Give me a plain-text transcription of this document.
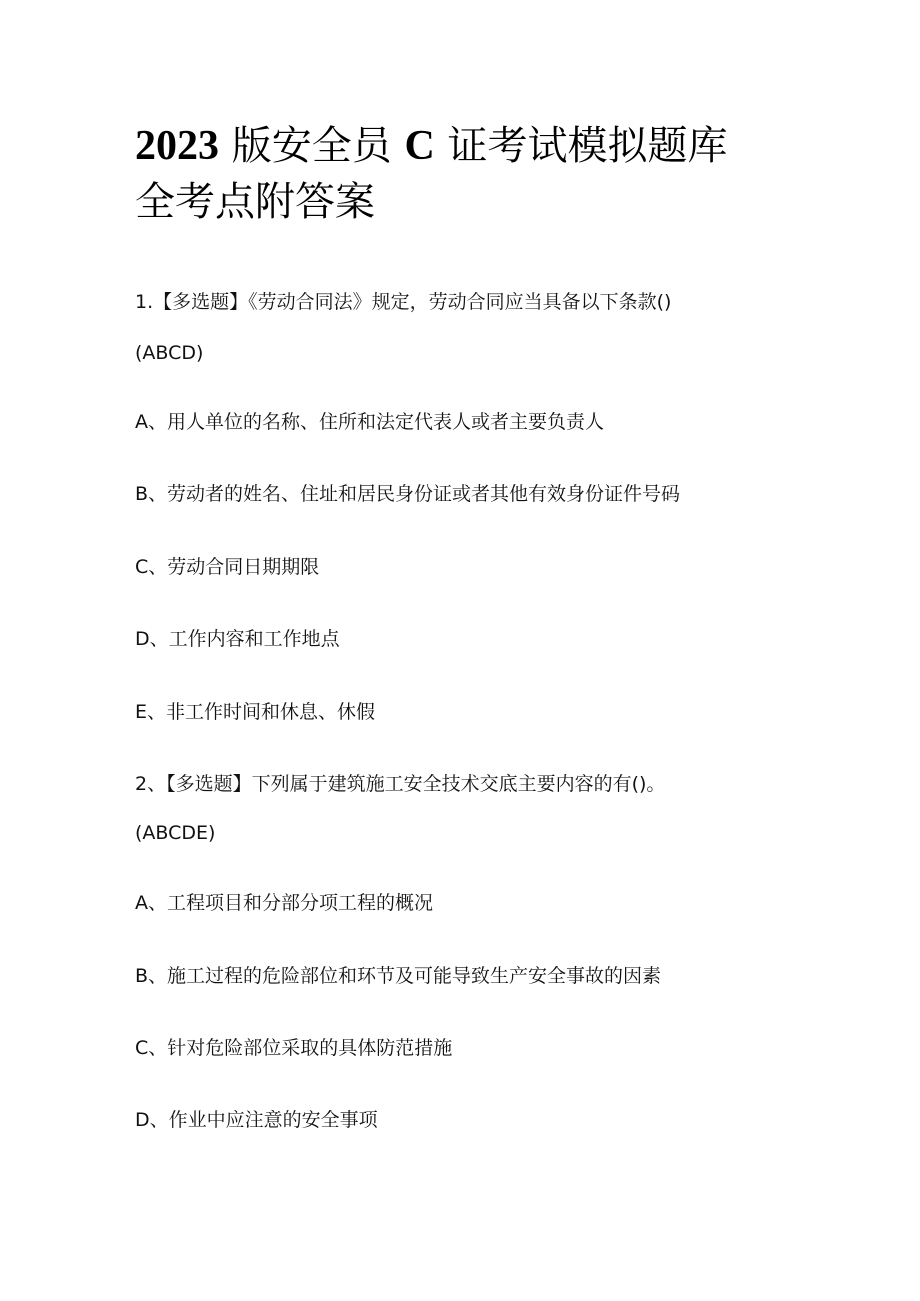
2023 版安全员 C 证考试模拟题库
全考点附答案
1.【多选题】《劳动合同法》规定，劳动合同应当具备以下条款()
(ABCD)
A、用人单位的名称、住所和法定代表人或者主要负责人
B、劳动者的姓名、住址和居民身份证或者其他有效身份证件号码
C、劳动合同日期期限
D、工作内容和工作地点
E、非工作时间和休息、休假
2、【多选题】下列属于建筑施工安全技术交底主要内容的有()。
(ABCDE)
A、工程项目和分部分项工程的概况
B、施工过程的危险部位和环节及可能导致生产安全事故的因素
C、针对危险部位采取的具体防范措施
D、作业中应注意的安全事项
